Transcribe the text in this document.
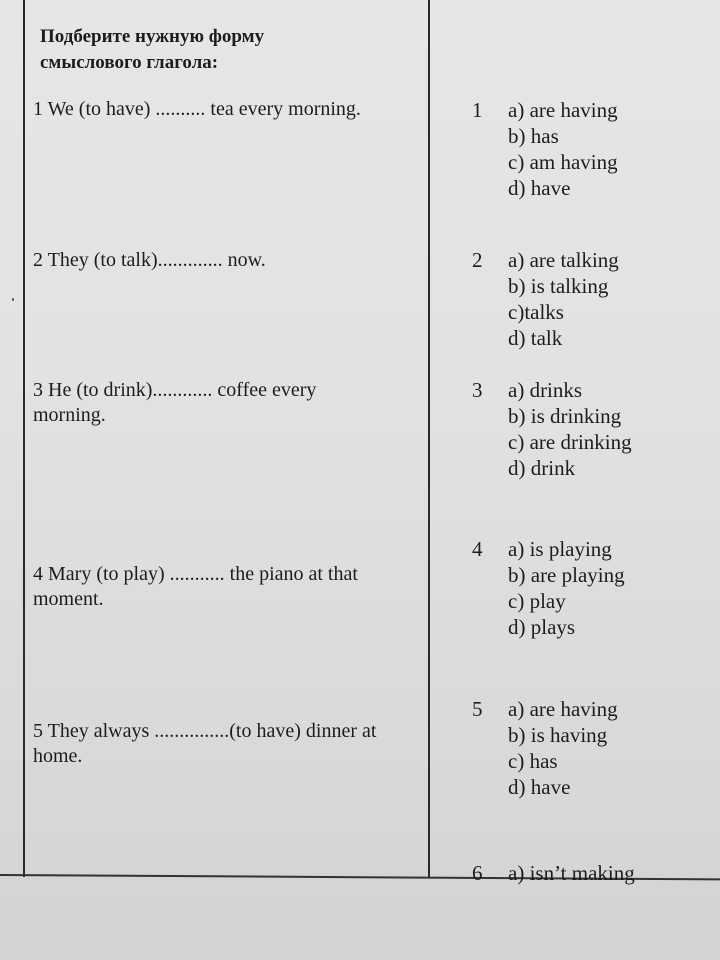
Подберите нужную форму смыслового глагола:
1 We (to have) .......... tea every morning.
2 They (to talk)............. now.
3 He (to drink)............ coffee every morning.
4 Mary (to play) ........... the piano at that moment.
5 They always ...............(to have) dinner at home.
1	a) are having
b) has
c) am having
d) have
2	a) are talking
b) is talking
c)talks
d) talk
3	a) drinks
b) is drinking
c) are drinking
d) drink
4	a) is playing
b) are playing
c) play
d) plays
5	a) are having
b) is having
c) has
d) have
6	a) isn’t making
